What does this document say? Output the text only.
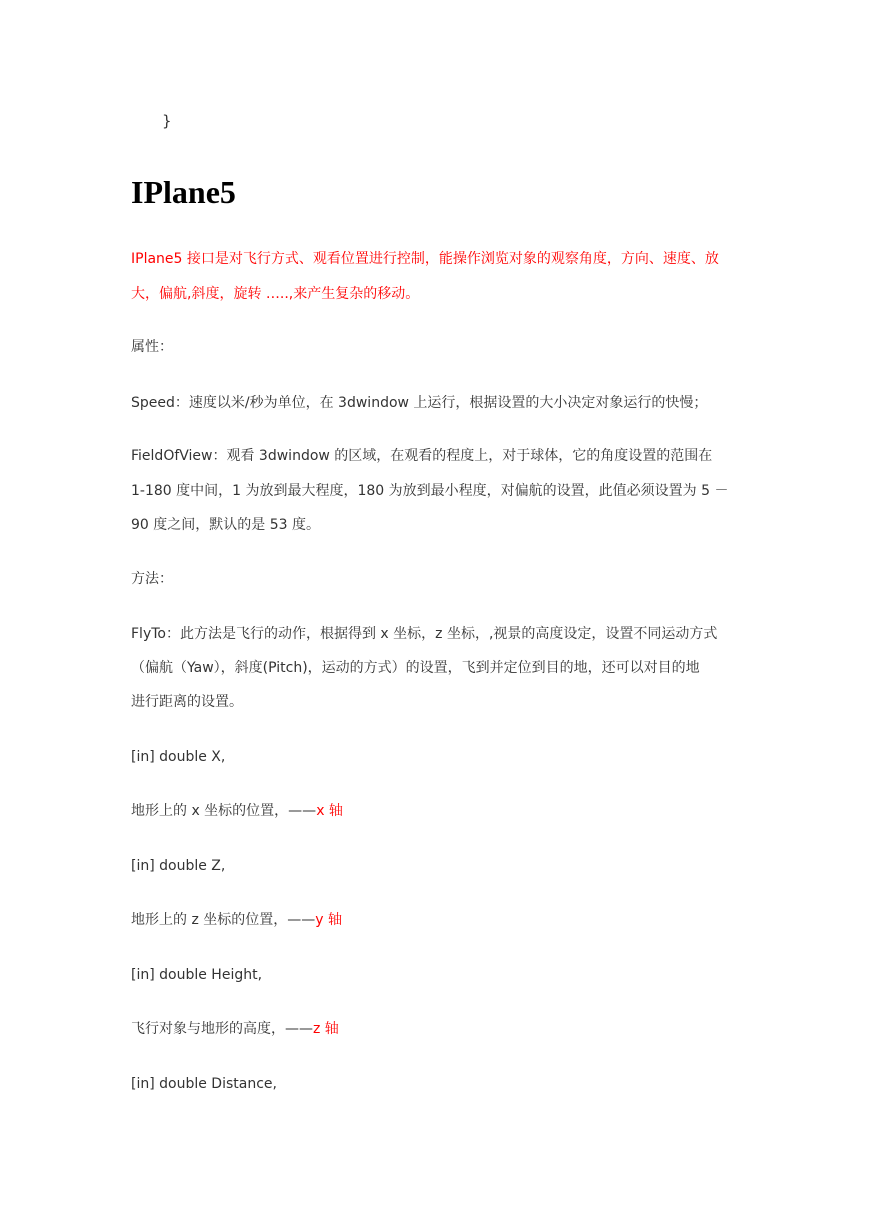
}
IPlane5
IPlane5 接口是对飞行方式、观看位置进行控制，能操作浏览对象的观察角度，方向、速度、放
大，偏航,斜度，旋转 …..,来产生复杂的移动。
属性：
Speed：速度以米/秒为单位，在 3dwindow 上运行，根据设置的大小决定对象运行的快慢；
FieldOfView：观看 3dwindow 的区域，在观看的程度上，对于球体，它的角度设置的范围在
1-180 度中间，1 为放到最大程度，180 为放到最小程度，对偏航的设置，此值必须设置为 5 －
90 度之间，默认的是 53 度。
方法：
FlyTo：此方法是飞行的动作，根据得到 x 坐标，z 坐标，,视景的高度设定，设置不同运动方式
（偏航（Yaw），斜度(Pitch)，运动的方式）的设置，飞到并定位到目的地，还可以对目的地
进行距离的设置。
[in] double X,
地形上的 x 坐标的位置，——x 轴
[in] double Z,
地形上的 z 坐标的位置，——y 轴
[in] double Height,
飞行对象与地形的高度，——z 轴
[in] double Distance,
